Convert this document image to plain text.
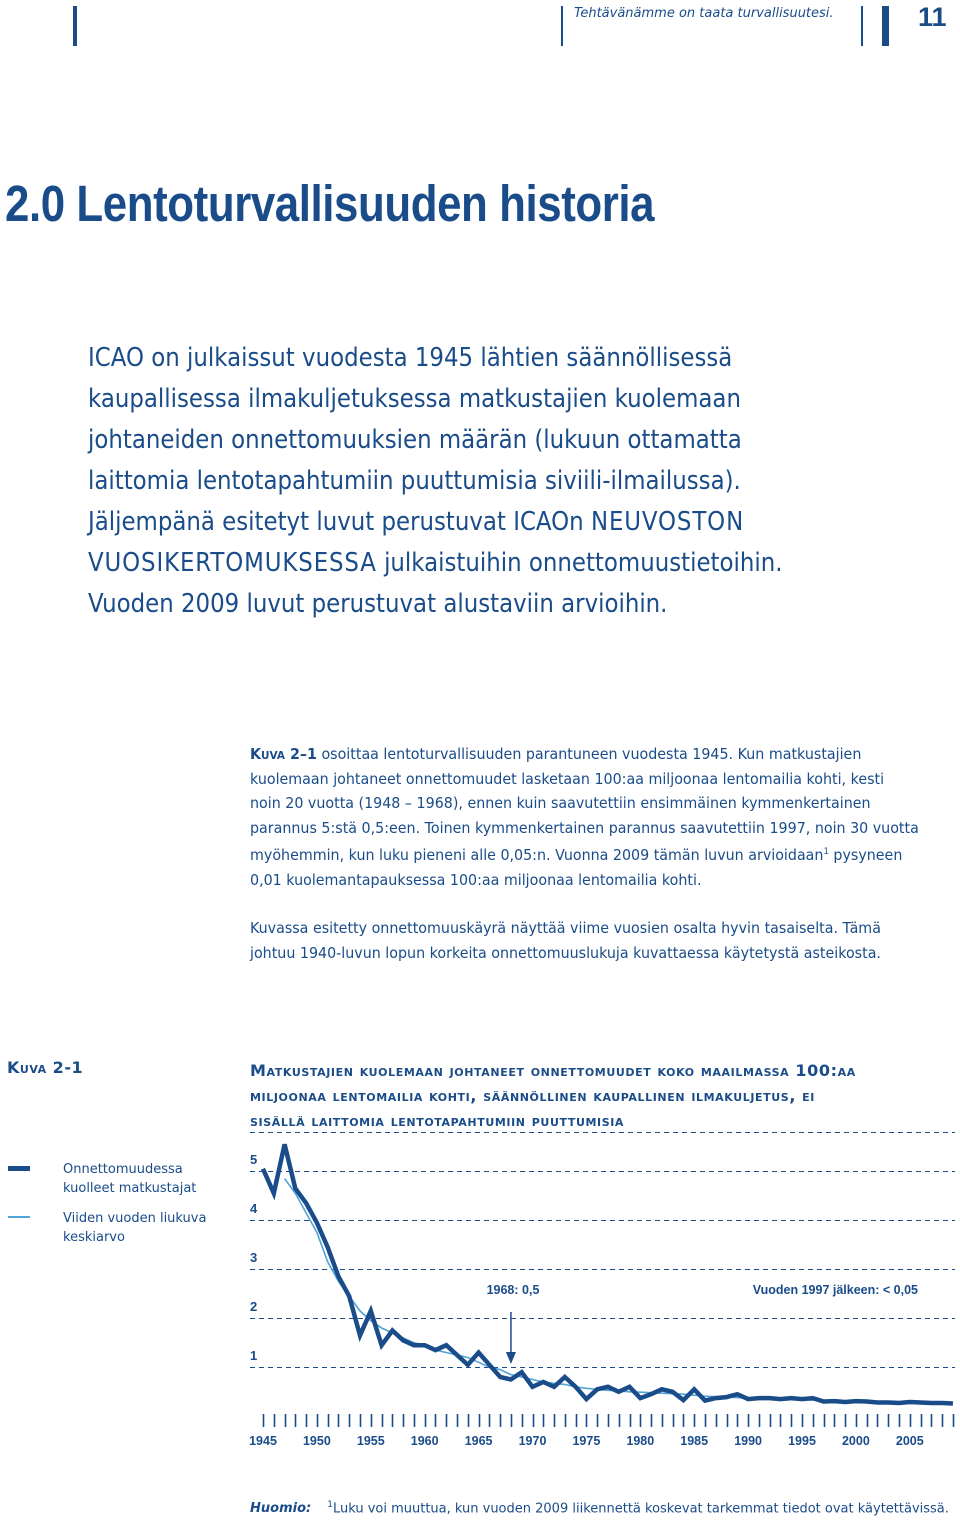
Tehtävänämme on taata turvallisuutesi.	11
2.0 Lentoturvallisuuden historia
ICAO on julkaissut vuodesta 1945 lähtien säännöllisessä
kaupallisessa ilmakuljetuksessa matkustajien kuolemaan
johtaneiden onnettomuuksien määrän (lukuun ottamatta
laittomia lentotapahtumiin puuttumisia siviili-ilmailussa).
Jäljempänä esitetyt luvut perustuvat ICAOn NEUVOSTON
VUOSIKERTOMUKSESSA julkaistuihin onnettomuustietoihin.
Vuoden 2009 luvut perustuvat alustaviin arvioihin.

Kuva 2–1 osoittaa lentoturvallisuuden parantuneen vuodesta 1945. Kun matkustajien
kuolemaan johtaneet onnettomuudet lasketaan 100:aa miljoonaa lentomailia kohti, kesti
noin 20 vuotta (1948 – 1968), ennen kuin saavutettiin ensimmäinen kymmenkertainen
parannus 5:stä 0,5:een. Toinen kymmenkertainen parannus saavutettiin 1997, noin 30 vuotta
myöhemmin, kun luku pieneni alle 0,05:n. Vuonna 2009 tämän luvun arvioidaan$^1$ pysyneen
0,01 kuolemantapauksessa 100:aa miljoonaa lentomailia kohti.

Kuvassa esitetty onnettomuuskäyrä näyttää viime vuosien osalta hyvin tasaiselta. Tämä
johtuu 1940-luvun lopun korkeita onnettomuuslukuja kuvattaessa käytetystä asteikosta.

Kuva 2-1	Matkustajien kuolemaan johtaneet onnettomuudet koko maailmassa 100:aa
miljoonaa lentomailia kohti, säännöllinen kaupallinen ilmakuljetus, ei
sisällä laittomia lentotapahtumiin puuttumisia
Onnettomuudessa kuolleet matkustajat
Viiden vuoden liukuva keskiarvo
1
2
3
4
5
1945 1950 1955 1960 1965 1970 1975 1980 1985 1990 1995 2000 2005
1968: 0,5	Vuoden 1997 jälkeen: < 0,05
Huomio: $^1$Luku voi muuttua, kun vuoden 2009 liikennettä koskevat tarkemmat tiedot ovat käytettävissä.
